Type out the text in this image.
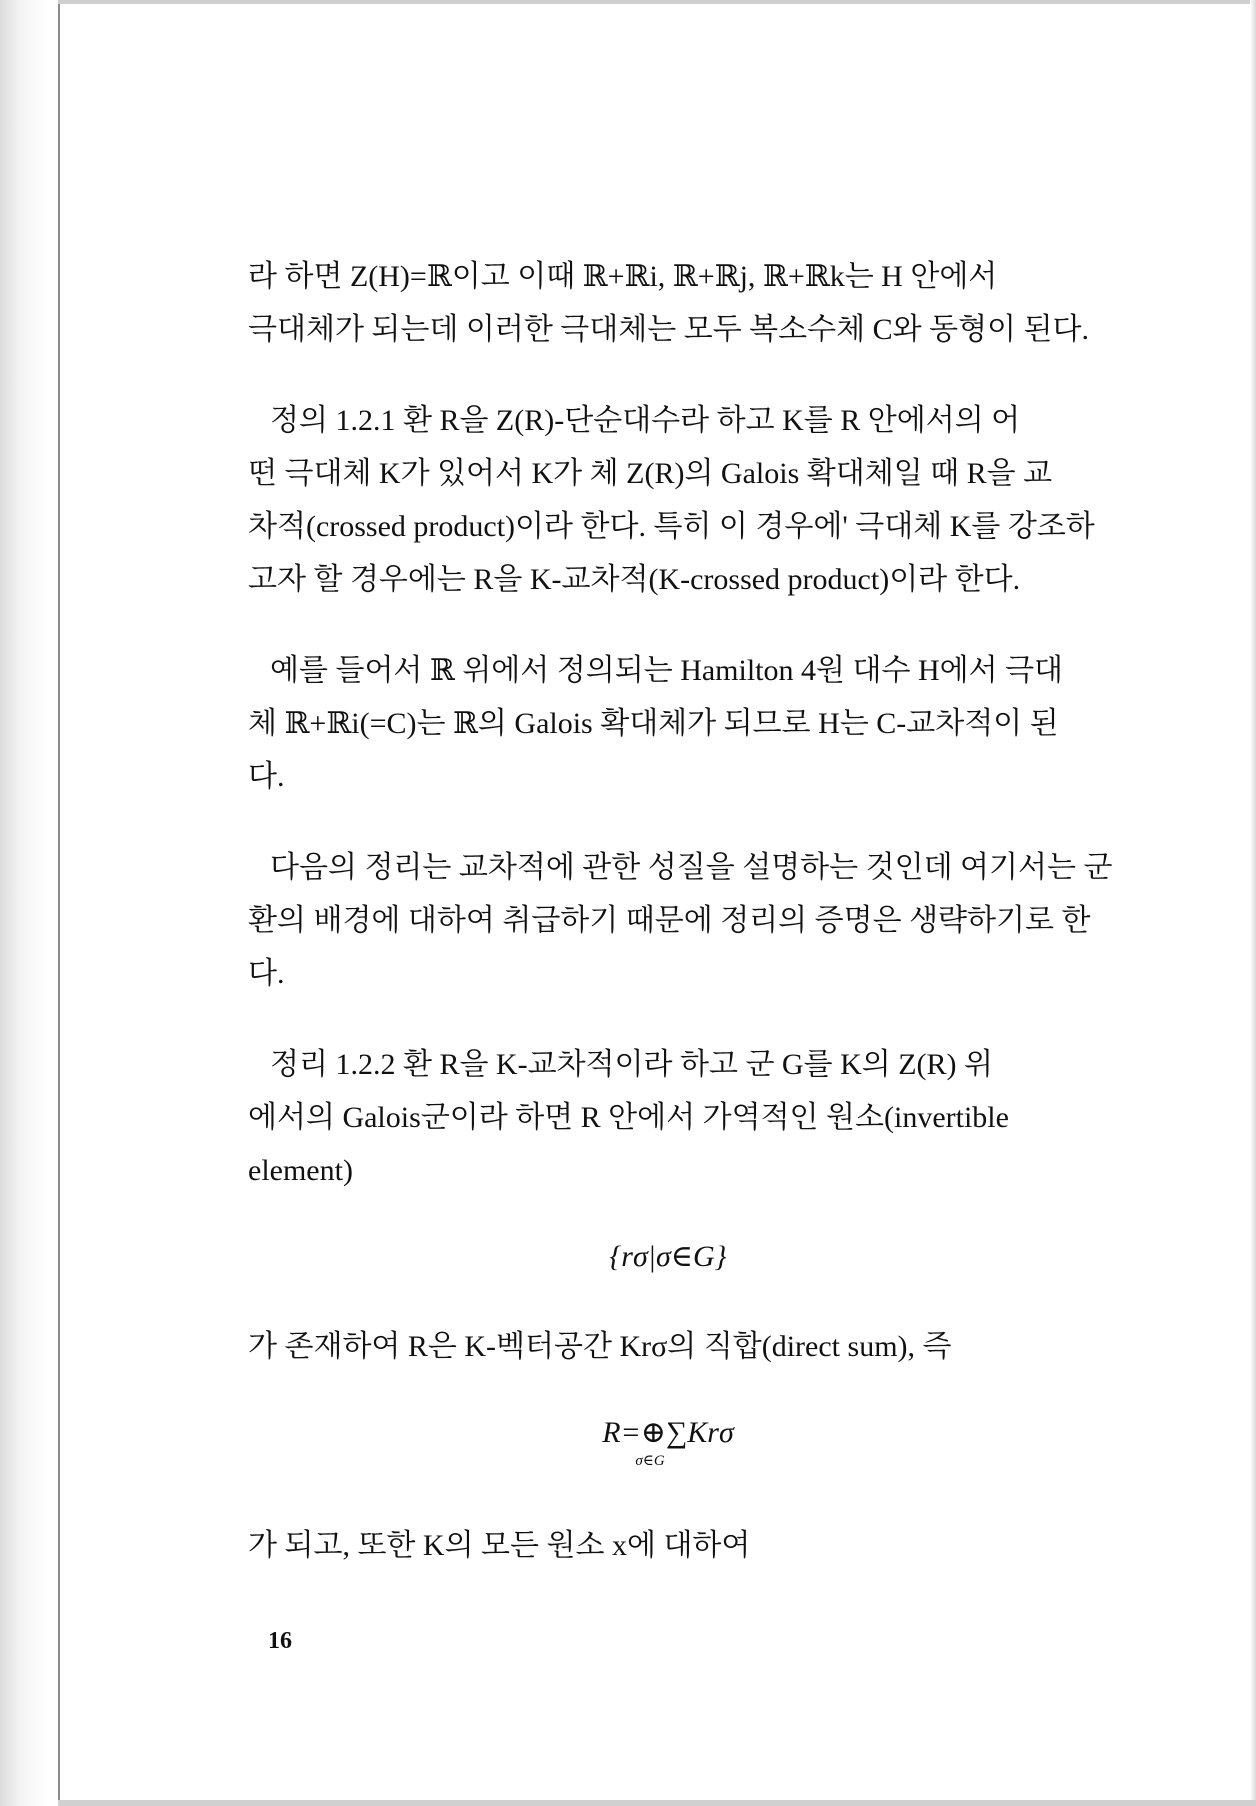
라 하면 Z(H)=ℝ이고 이때 ℝ+ℝi, ℝ+ℝj, ℝ+ℝk는 H 안에서
극대체가 되는데 이러한 극대체는 모두 복소수체 C와 동형이 된다.

정의 1.2.1 환 R을 Z(R)-단순대수라 하고 K를 R 안에서의 어
떤 극대체 K가 있어서 K가 체 Z(R)의 Galois 확대체일 때 R을 교
차적(crossed product)이라 한다. 특히 이 경우에' 극대체 K를 강조하
고자 할 경우에는 R을 K-교차적(K-crossed product)이라 한다.

예를 들어서 ℝ 위에서 정의되는 Hamilton 4원 대수 H에서 극대
체 ℝ+ℝi(=C)는 ℝ의 Galois 확대체가 되므로 H는 C-교차적이 된
다.

다음의 정리는 교차적에 관한 성질을 설명하는 것인데 여기서는 군
환의 배경에 대하여 취급하기 때문에 정리의 증명은 생략하기로 한
다.

정리 1.2.2 환 R을 K-교차적이라 하고 군 G를 K의 Z(R) 위
에서의 Galois군이라 하면 R 안에서 가역적인 원소(invertible
element)

{rσ|σ∈G}

가 존재하여 R은 K-벡터공간 Krσ의 직합(direct sum), 즉

R=⊕∑Krσ
σ∈G

가 되고, 또한 K의 모든 원소 x에 대하여

16
